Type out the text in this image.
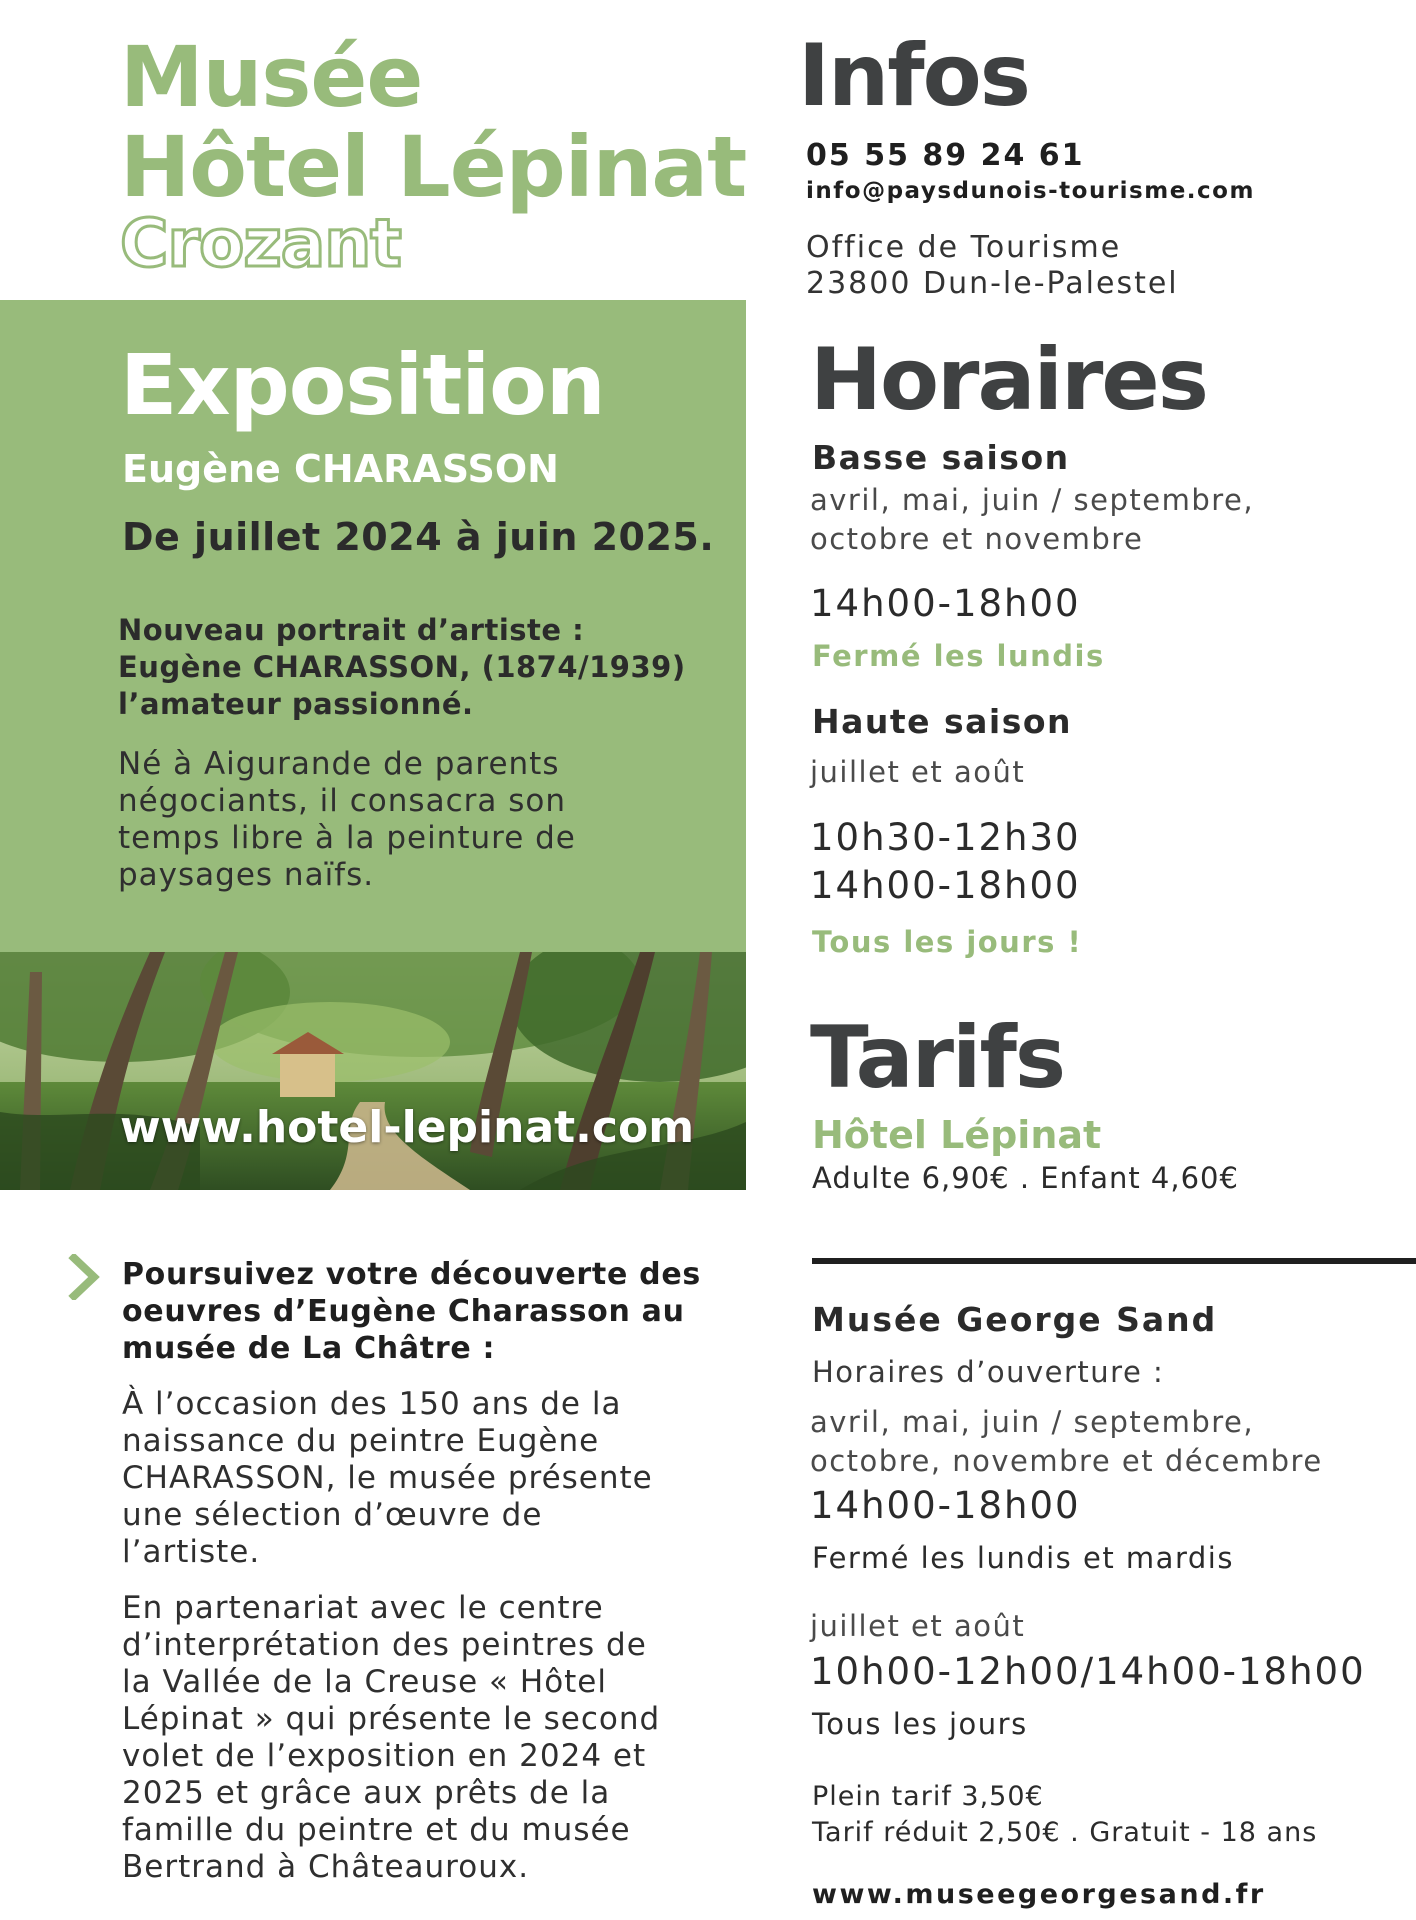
Musée
Hôtel Lépinat
Crozant
Exposition
Eugène CHARASSON
De juillet 2024 à juin 2025.
Nouveau portrait d’artiste :
Eugène CHARASSON, (1874/1939)
l’amateur passionné.
Né à Aigurande de parents
négociants, il consacra son
temps libre à la peinture de
paysages naïfs.
www.hotel-lepinat.com
Poursuivez votre découverte des
oeuvres d’Eugène Charasson au
musée de La Châtre :
À l’occasion des 150 ans de la
naissance du peintre Eugène
CHARASSON, le musée présente
une sélection d’œuvre de
l’artiste.
En partenariat avec le centre
d’interprétation des peintres de
la Vallée de la Creuse « Hôtel
Lépinat » qui présente le second
volet de l’exposition en 2024 et
2025 et grâce aux prêts de la
famille du peintre et du musée
Bertrand à Châteauroux.
Infos
05 55 89 24 61
info@paysdunois-tourisme.com
Office de Tourisme
23800 Dun-le-Palestel
Horaires
Basse saison
avril, mai, juin / septembre,
octobre et novembre
14h00-18h00
Fermé les lundis
Haute saison
juillet et août
10h30-12h30
14h00-18h00
Tous les jours !
Tarifs
Hôtel Lépinat
Adulte 6,90€ . Enfant 4,60€
Musée George Sand
Horaires d’ouverture :
avril, mai, juin / septembre,
octobre, novembre et décembre
14h00-18h00
Fermé les lundis et mardis
juillet et août
10h00-12h00/14h00-18h00
Tous les jours
Plein tarif 3,50€
Tarif réduit 2,50€ . Gratuit - 18 ans
www.museegeorgesand.fr
